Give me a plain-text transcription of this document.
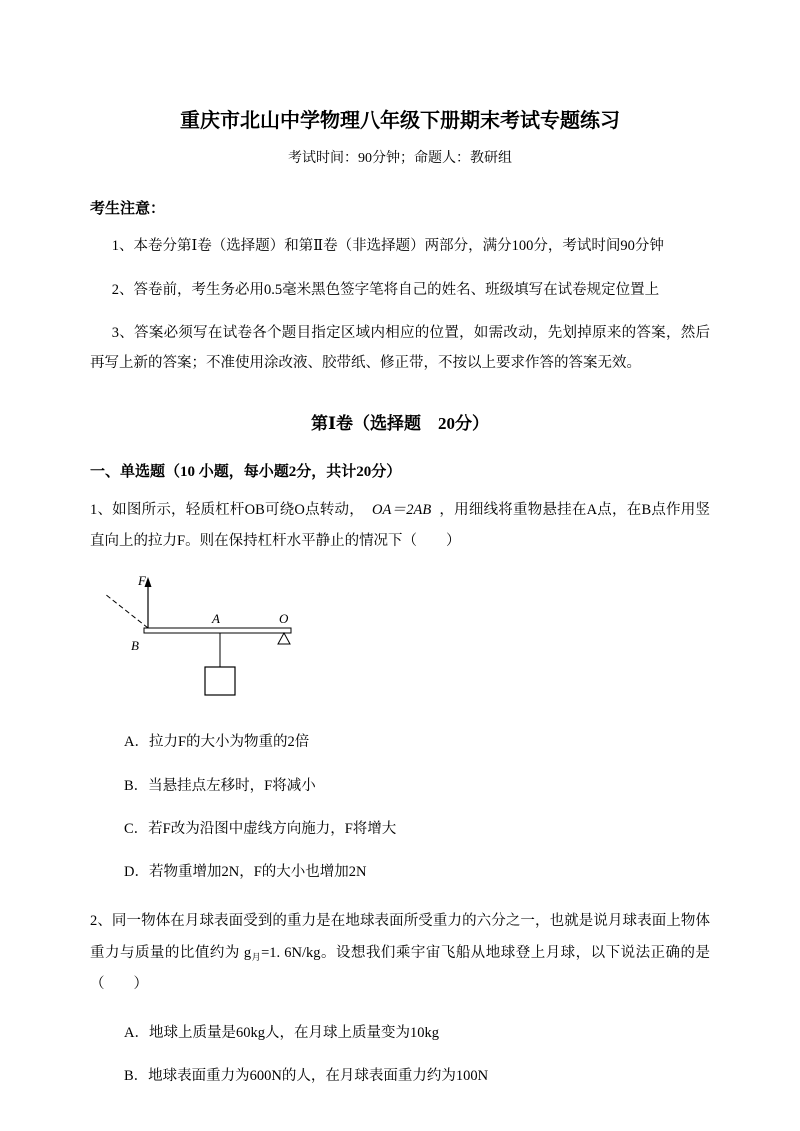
重庆市北山中学物理八年级下册期末考试专题练习
考试时间：90分钟；命题人：教研组
考生注意：

1、本卷分第Ⅰ卷（选择题）和第Ⅱ卷（非选择题）两部分，满分100分，考试时间90分钟

2、答卷前，考生务必用0.5毫米黑色签字笔将自己的姓名、班级填写在试卷规定位置上

3、答案必须写在试卷各个题目指定区域内相应的位置，如需改动，先划掉原来的答案，然后再写上新的答案；不准使用涂改液、胶带纸、修正带，不按以上要求作答的答案无效。

第Ⅰ卷（选择题　20分）
一、单选题（10 小题，每小题2分，共计20分）

1、如图所示，轻质杠杆OB可绕O点转动， OA＝2AB ，用细线将重物悬挂在A点，在B点作用竖直向上的拉力F。则在保持杠杆水平静止的情况下（　　）

F
B
A	O

A．拉力F的大小为物重的2倍

B．当悬挂点左移时，F将减小

C．若F改为沿图中虚线方向施力，F将增大

D．若物重增加2N，F的大小也增加2N

2、同一物体在月球表面受到的重力是在地球表面所受重力的六分之一，也就是说月球表面上物体重力与质量的比值约为 $g_月=1$. 6N/kg。设想我们乘宇宙飞船从地球登上月球，以下说法正确的是（　　）

A．地球上质量是60kg人，在月球上质量变为10kg

B．地球表面重力为600N的人，在月球表面重力约为100N
